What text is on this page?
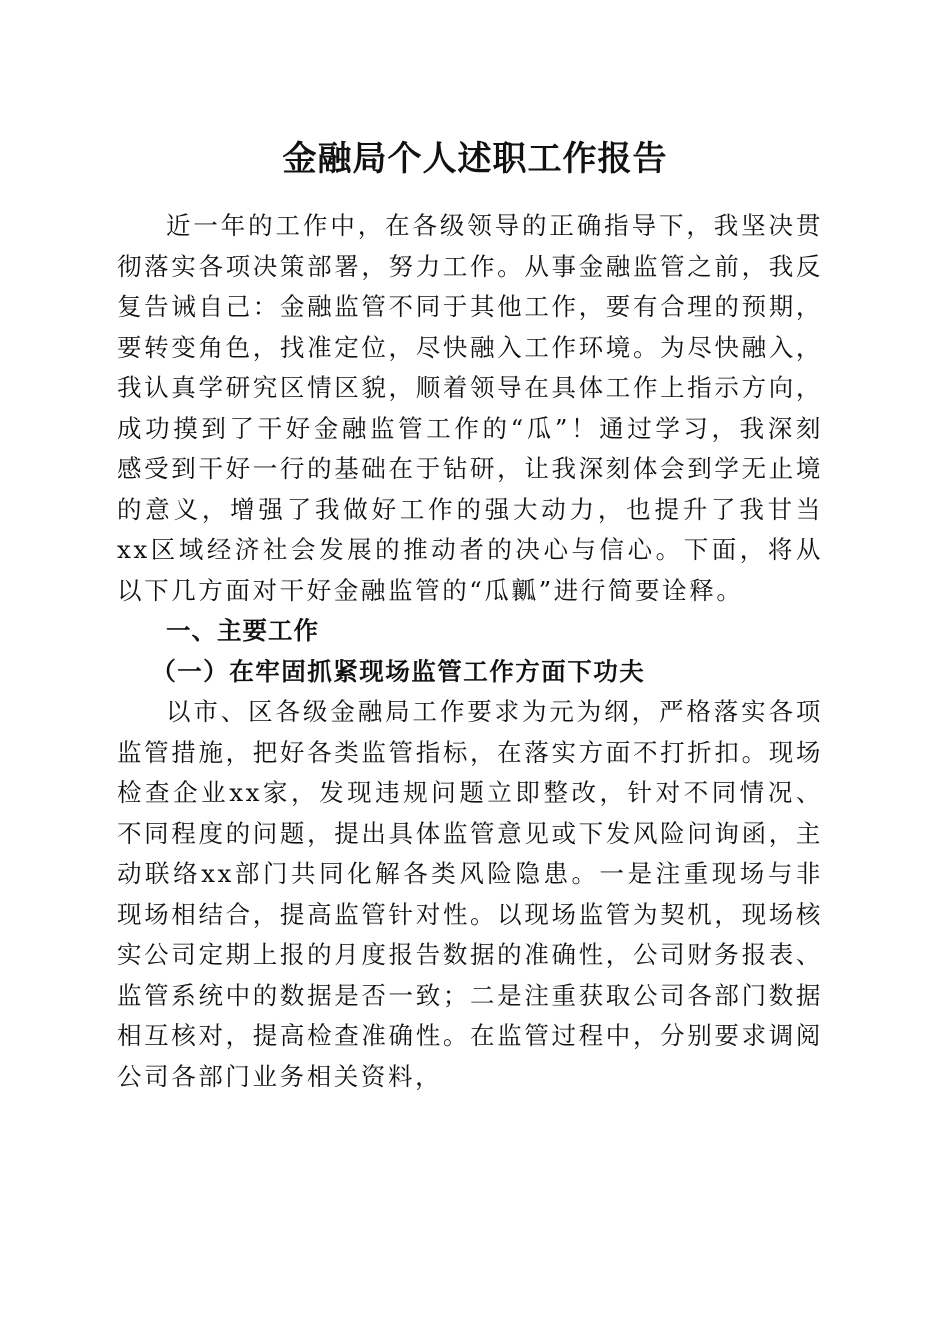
金融局个人述职工作报告

近一年的工作中，在各级领导的正确指导下，我坚决贯彻落实各项决策部署，努力工作。从事金融监管之前，我反复告诫自己：金融监管不同于其他工作，要有合理的预期，要转变角色，找准定位，尽快融入工作环境。为尽快融入，我认真学研究区情区貌，顺着领导在具体工作上指示方向，成功摸到了干好金融监管工作的“瓜”！通过学习，我深刻感受到干好一行的基础在于钻研，让我深刻体会到学无止境的意义，增强了我做好工作的强大动力，也提升了我甘当xx区域经济社会发展的推动者的决心与信心。下面，将从以下几方面对干好金融监管的“瓜瓤”进行简要诠释。

一、主要工作

（一）在牢固抓紧现场监管工作方面下功夫

以市、区各级金融局工作要求为元为纲，严格落实各项监管措施，把好各类监管指标，在落实方面不打折扣。现场检查企业xx家，发现违规问题立即整改，针对不同情况、不同程度的问题，提出具体监管意见或下发风险问询函，主动联络xx部门共同化解各类风险隐患。一是注重现场与非现场相结合，提高监管针对性。以现场监管为契机，现场核实公司定期上报的月度报告数据的准确性，公司财务报表、监管系统中的数据是否一致；二是注重获取公司各部门数据相互核对，提高检查准确性。在监管过程中，分别要求调阅公司各部门业务相关资料，
